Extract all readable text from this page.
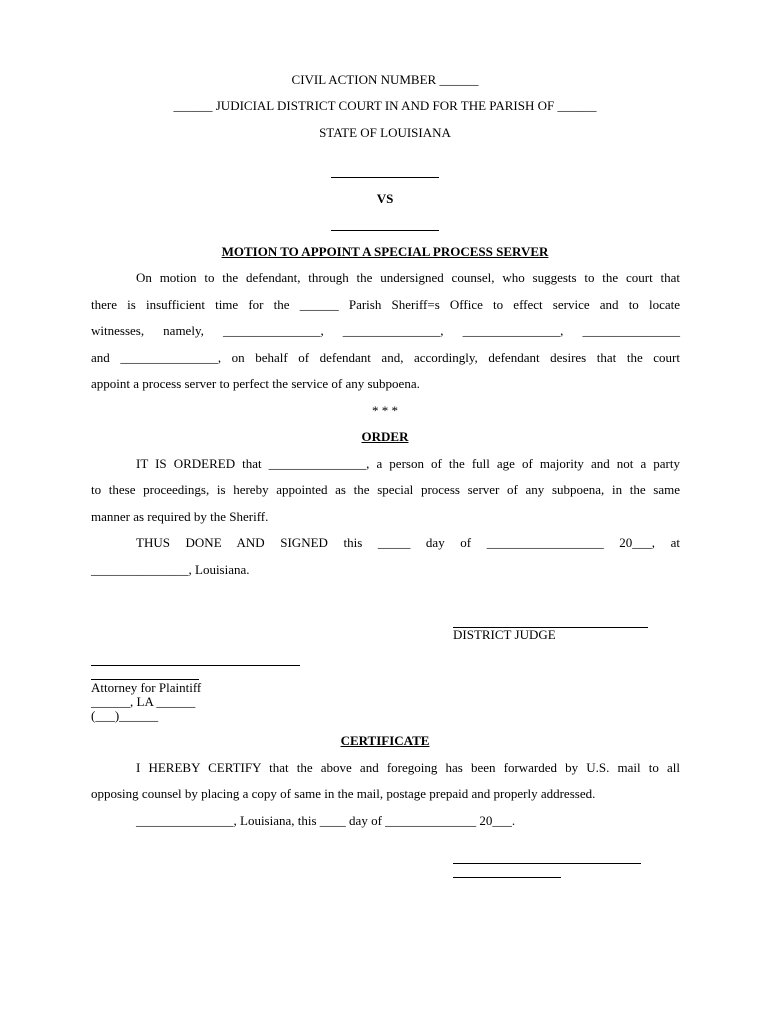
CIVIL ACTION NUMBER ______
______ JUDICIAL DISTRICT COURT IN AND FOR THE PARISH OF ______
STATE OF LOUISIANA
VS
MOTION TO APPOINT A SPECIAL PROCESS SERVER
On motion to the defendant, through the undersigned counsel, who suggests to the court that
there is insufficient time for the ______ Parish Sheriff=s Office to effect service and to locate
witnesses, namely, _______________, _______________, _______________, _______________
and _______________, on behalf of defendant and, accordingly, defendant desires that the court
appoint a process server to perfect the service of any subpoena.
* * *
ORDER
IT IS ORDERED that _______________, a person of the full age of majority and not a party
to these proceedings, is hereby appointed as the special process server of any subpoena, in the same
manner as required by the Sheriff.
THUS DONE AND SIGNED this _____ day of __________________ 20___, at
_______________, Louisiana.
DISTRICT JUDGE
Attorney for Plaintiff
______, LA ______
(___)______
CERTIFICATE
I HEREBY CERTIFY that the above and foregoing has been forwarded by U.S. mail to all
opposing counsel by placing a copy of same in the mail, postage prepaid and properly addressed.
_______________, Louisiana, this ____ day of ______________ 20___.
